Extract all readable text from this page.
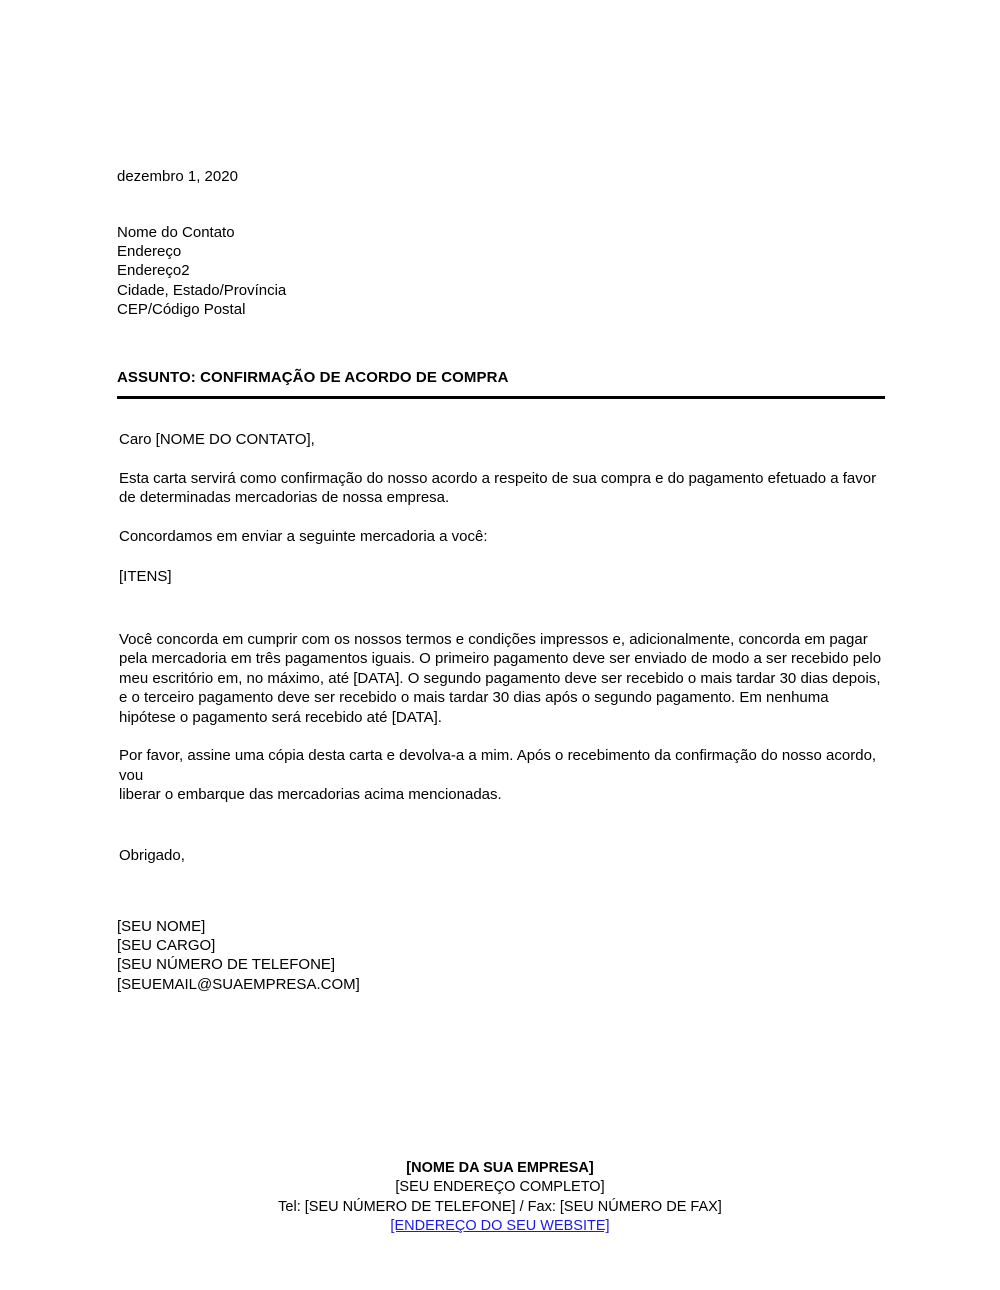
dezembro 1, 2020
Nome do Contato
Endereço
Endereço2
Cidade, Estado/Província
CEP/Código Postal
ASSUNTO: CONFIRMAÇÃO DE ACORDO DE COMPRA

Caro [NOME DO CONTATO],

Esta carta servirá como confirmação do nosso acordo a respeito de sua compra e do pagamento efetuado a favor de determinadas mercadorias de nossa empresa.

Concordamos em enviar a seguinte mercadoria a você:

[ITENS]

Você concorda em cumprir com os nossos termos e condições impressos e, adicionalmente, concorda em pagar pela mercadoria em três pagamentos iguais. O primeiro pagamento deve ser enviado de modo a ser recebido pelo meu escritório em, no máximo, até [DATA]. O segundo pagamento deve ser recebido o mais tardar 30 dias depois, e o terceiro pagamento deve ser recebido o mais tardar 30 dias após o segundo pagamento. Em nenhuma hipótese o pagamento será recebido até [DATA].

Por favor, assine uma cópia desta carta e devolva-a a mim. Após o recebimento da confirmação do nosso acordo, vou

liberar o embarque das mercadorias acima mencionadas.

Obrigado,

[SEU NOME]
[SEU CARGO]
[SEU NÚMERO DE TELEFONE]
[SEUEMAIL@SUAEMPRESA.COM]
[NOME DA SUA EMPRESA]
[SEU ENDEREÇO COMPLETO]
Tel: [SEU NÚMERO DE TELEFONE] / Fax: [SEU NÚMERO DE FAX]
[ENDEREÇO DO SEU WEBSITE]
